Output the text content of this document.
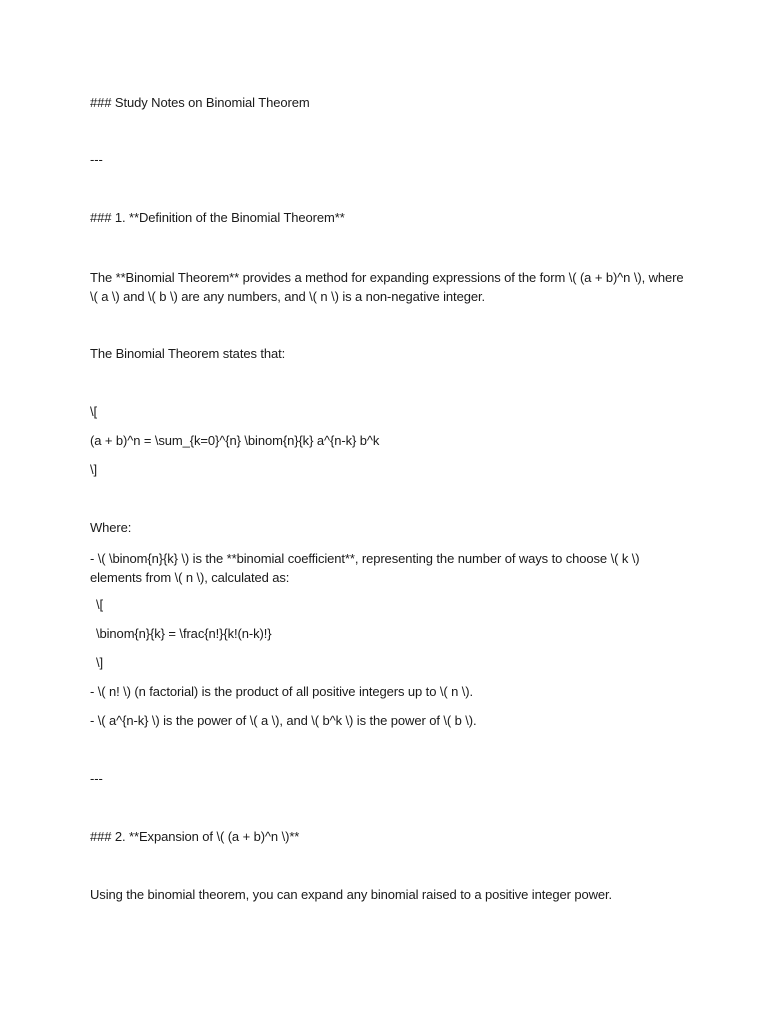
### Study Notes on Binomial Theorem
---
### 1. **Definition of the Binomial Theorem**
The **Binomial Theorem** provides a method for expanding expressions of the form \( (a + b)^n \), where \( a \) and \( b \) are any numbers, and \( n \) is a non-negative integer.
The Binomial Theorem states that:
\[
(a + b)^n = \sum_{k=0}^{n} \binom{n}{k} a^{n-k} b^k
\]
Where:
- \( \binom{n}{k} \) is the **binomial coefficient**, representing the number of ways to choose \( k \) elements from \( n \), calculated as:
\[
\binom{n}{k} = \frac{n!}{k!(n-k)!}
\]
- \( n! \) (n factorial) is the product of all positive integers up to \( n \).
- \( a^{n-k} \) is the power of \( a \), and \( b^k \) is the power of \( b \).
---
### 2. **Expansion of \( (a + b)^n \)**
Using the binomial theorem, you can expand any binomial raised to a positive integer power.
